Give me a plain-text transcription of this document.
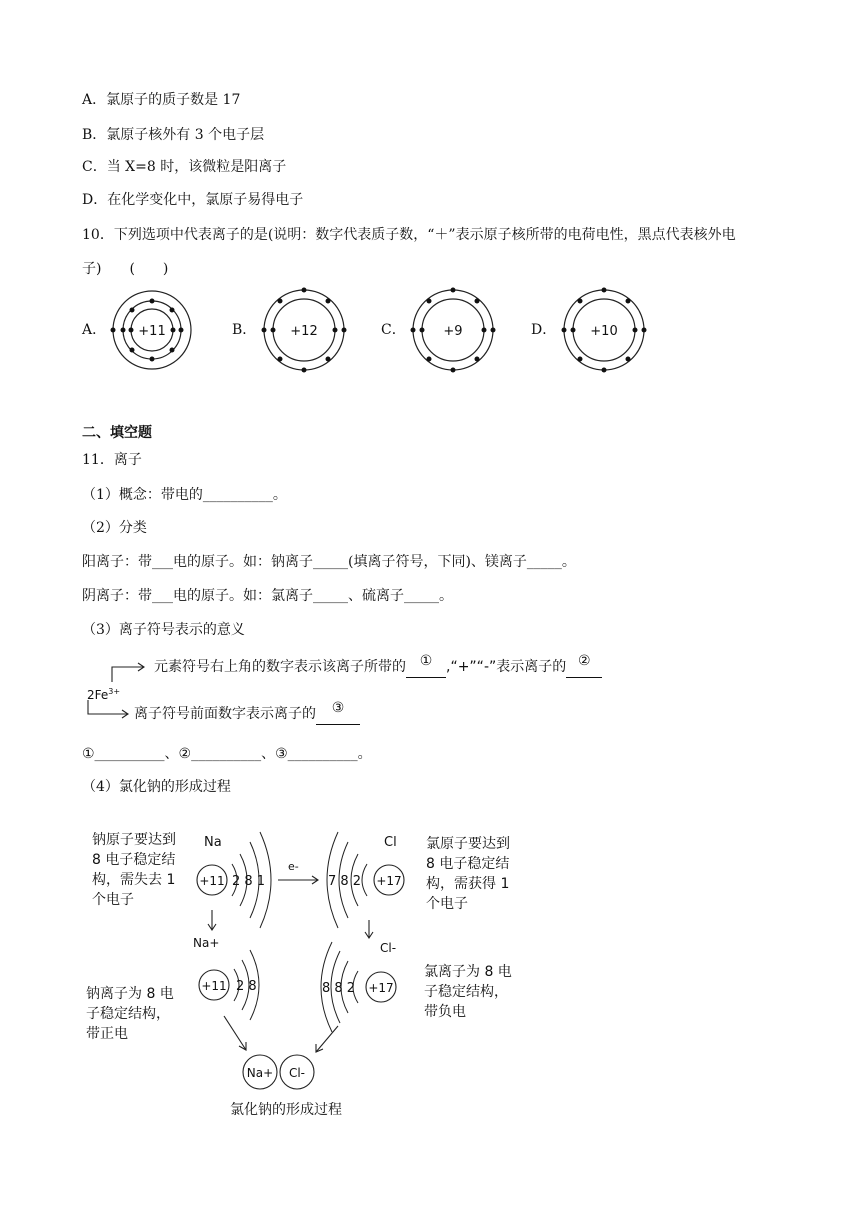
A．氯原子的质子数是 17
B．氯原子核外有 3 个电子层
C．当 X=8 时，该微粒是阳离子
D．在化学变化中，氯原子易得电子
10．下列选项中代表离子的是(说明：数字代表质子数，“＋”表示原子核所带的电荷电性，黑点代表核外电
子)　　(　　)
A． +11	B．	+12	C．	+9	D．	+10
二、填空题
11．离子
（1）概念：带电的__________。
（2）分类
阳离子：带___电的原子。如：钠离子_____(填离子符号，下同)、镁离子_____。
阴离子：带___电的原子。如：氯离子_____、硫离子_____。
（3）离子符号表示的意义
$2Fe^{3+}$
元素符号右上角的数字表示该离子所带的 ① ,“+”“-”表示离子的 ②
离子符号前面数字表示离子的 ③
①__________、②__________、③__________。
（4）氯化钠的形成过程
Na
+11 2 8 1
e-
Cl
7 8 2 +17
Na+	Cl-
+11 2 8	8 8 2 +17
Na+ Cl-
钠原子要达到
8 电子稳定结
构，需失去 1
个电子
氯原子要达到
8 电子稳定结
构，需获得 1
个电子
钠离子为 8 电
子稳定结构，
带正电
氯离子为 8 电
子稳定结构，
带负电
氯化钠的形成过程
